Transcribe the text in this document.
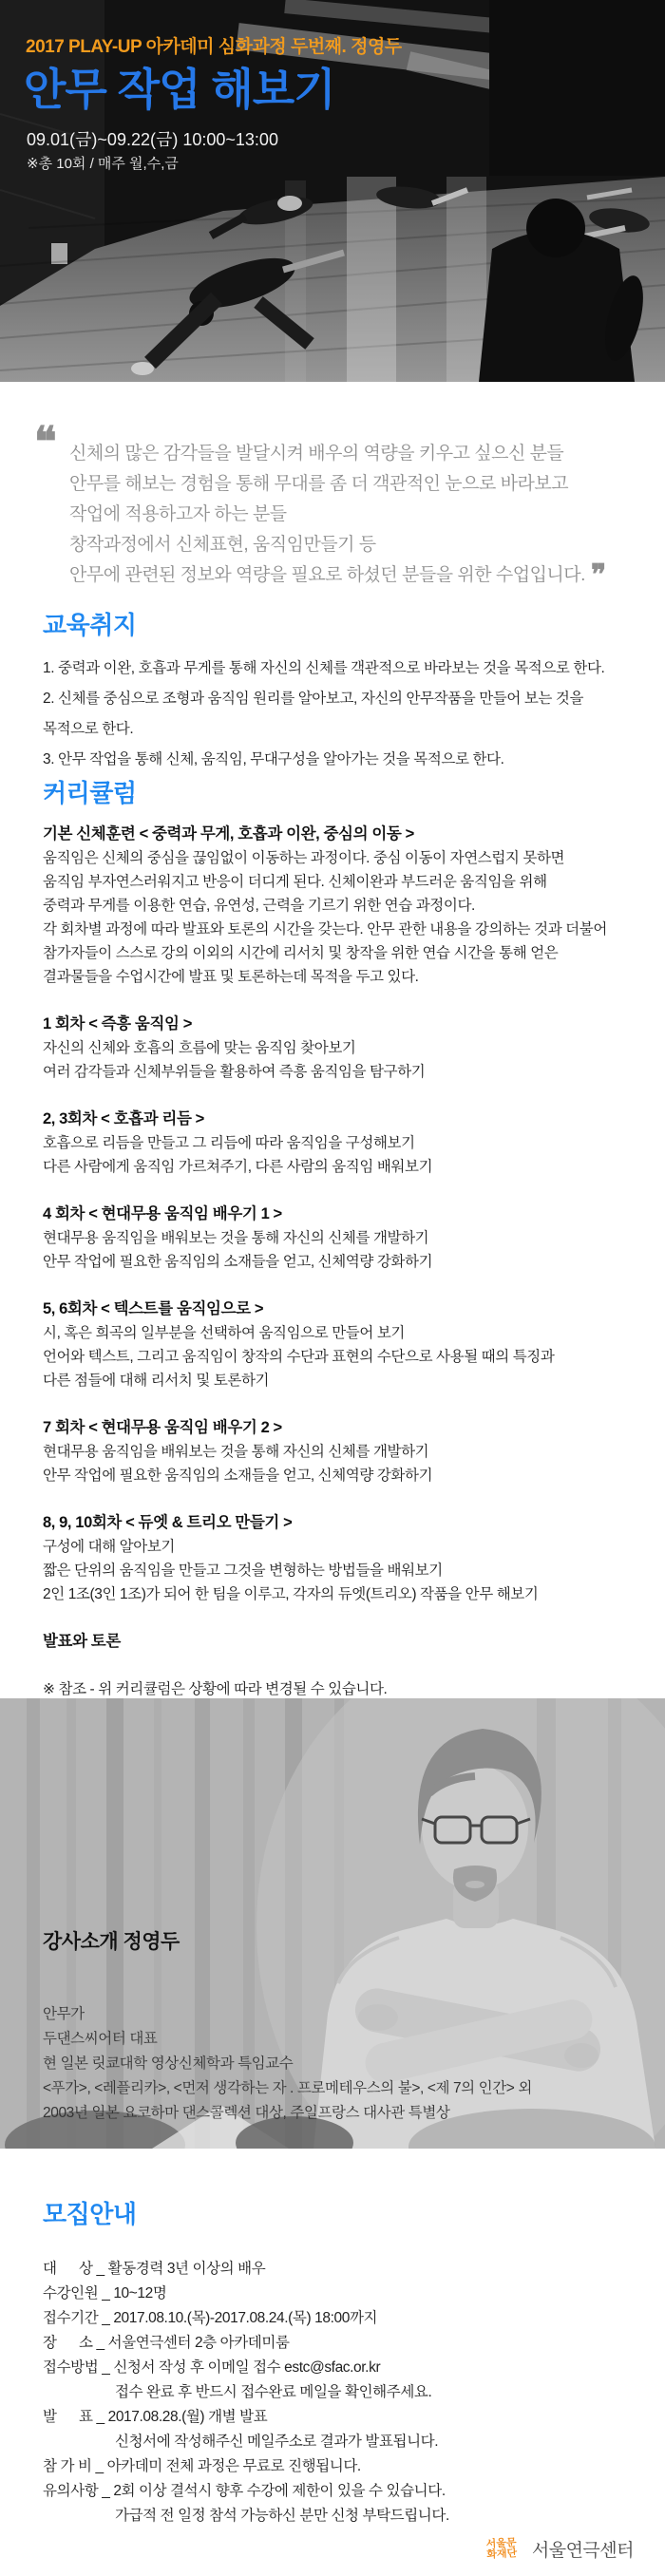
2017 PLAY-UP 아카데미 심화과정 두번째. 정영두
안무 작업 해보기
09.01(금)~09.22(금) 10:00~13:00
※총 10회 / 매주 월,수,금
❝ 신체의 많은 감각들을 발달시켜 배우의 역량을 키우고 싶으신 분들
안무를 해보는 경험을 통해 무대를 좀 더 객관적인 눈으로 바라보고
작업에 적용하고자 하는 분들
창작과정에서 신체표현, 움직임만들기 등
안무에 관련된 정보와 역량을 필요로 하셨던 분들을 위한 수업입니다. ❞
교육취지
1. 중력과 이완, 호흡과 무게를 통해 자신의 신체를 객관적으로 바라보는 것을 목적으로 한다.
2. 신체를 중심으로 조형과 움직임 원리를 알아보고, 자신의 안무작품을 만들어 보는 것을
목적으로 한다.
3. 안무 작업을 통해 신체, 움직임, 무대구성을 알아가는 것을 목적으로 한다.
커리큘럼
기본 신체훈련 < 중력과 무게, 호흡과 이완, 중심의 이동 >
움직임은 신체의 중심을 끊임없이 이동하는 과정이다. 중심 이동이 자연스럽지 못하면
움직임 부자연스러워지고 반응이 더디게 된다. 신체이완과 부드러운 움직임을 위해
중력과 무게를 이용한 연습, 유연성, 근력을 기르기 위한 연습 과정이다.
각 회차별 과정에 따라 발표와 토론의 시간을 갖는다. 안무 관한 내용을 강의하는 것과 더불어
참가자들이 스스로 강의 이외의 시간에 리서치 및 창작을 위한 연습 시간을 통해 얻은
결과물들을 수업시간에 발표 및 토론하는데 목적을 두고 있다.
1 회차 < 즉흥 움직임 >
자신의 신체와 호흡의 흐름에 맞는 움직임 찾아보기
여러 감각들과 신체부위들을 활용하여 즉흥 움직임을 탐구하기
2, 3회차 < 호흡과 리듬 >
호흡으로 리듬을 만들고 그 리듬에 따라 움직임을 구성해보기
다른 사람에게 움직임 가르쳐주기, 다른 사람의 움직임 배워보기
4 회차 < 현대무용 움직임 배우기 1 >
현대무용 움직임을 배워보는 것을 통해 자신의 신체를 개발하기
안무 작업에 필요한 움직임의 소재들을 얻고, 신체역량 강화하기
5, 6회차 < 텍스트를 움직임으로 >
시, 혹은 희곡의 일부분을 선택하여 움직임으로 만들어 보기
언어와 텍스트, 그리고 움직임이 창작의 수단과 표현의 수단으로 사용될 때의 특징과
다른 점들에 대해 리서치 및 토론하기
7 회차 < 현대무용 움직임 배우기 2 >
현대무용 움직임을 배워보는 것을 통해 자신의 신체를 개발하기
안무 작업에 필요한 움직임의 소재들을 얻고, 신체역량 강화하기
8, 9, 10회차 < 듀엣 & 트리오 만들기 >
구성에 대해 알아보기
짧은 단위의 움직임을 만들고 그것을 변형하는 방법들을 배워보기
2인 1조(3인 1조)가 되어 한 팀을 이루고, 각자의 듀엣(트리오) 작품을 안무 해보기
발표와 토론
※ 참조 - 위 커리큘럼은 상황에 따라 변경될 수 있습니다.
강사소개 정영두
안무가
두댄스씨어터 대표
현 일본 릿쿄대학 영상신체학과 특임교수
<푸가>, <레플리카>, <먼저 생각하는 자 . 프로메테우스의 불>, <제 7의 인간> 외
2003년 일본 요코하마 댄스콜렉션 대상, 주일프랑스 대사관 특별상
모집안내
대      상 _ 활동경력 3년 이상의 배우
수강인원 _ 10~12명
접수기간 _ 2017.08.10.(목)-2017.08.24.(목) 18:00까지
장      소 _ 서울연극센터 2층 아카데미룸
접수방법 _ 신청서 작성 후 이메일 접수 estc@sfac.or.kr
접수 완료 후 반드시 접수완료 메일을 확인해주세요.
발      표 _ 2017.08.28.(월) 개별 발표
신청서에 작성해주신 메일주소로 결과가 발표됩니다.
참 가 비 _ 아카데미 전체 과정은 무료로 진행됩니다.
유의사항 _ 2회 이상 결석시 향후 수강에 제한이 있을 수 있습니다.
가급적 전 일정 참석 가능하신 분만 신청 부탁드립니다.
서울문화재단 서울연극센터
